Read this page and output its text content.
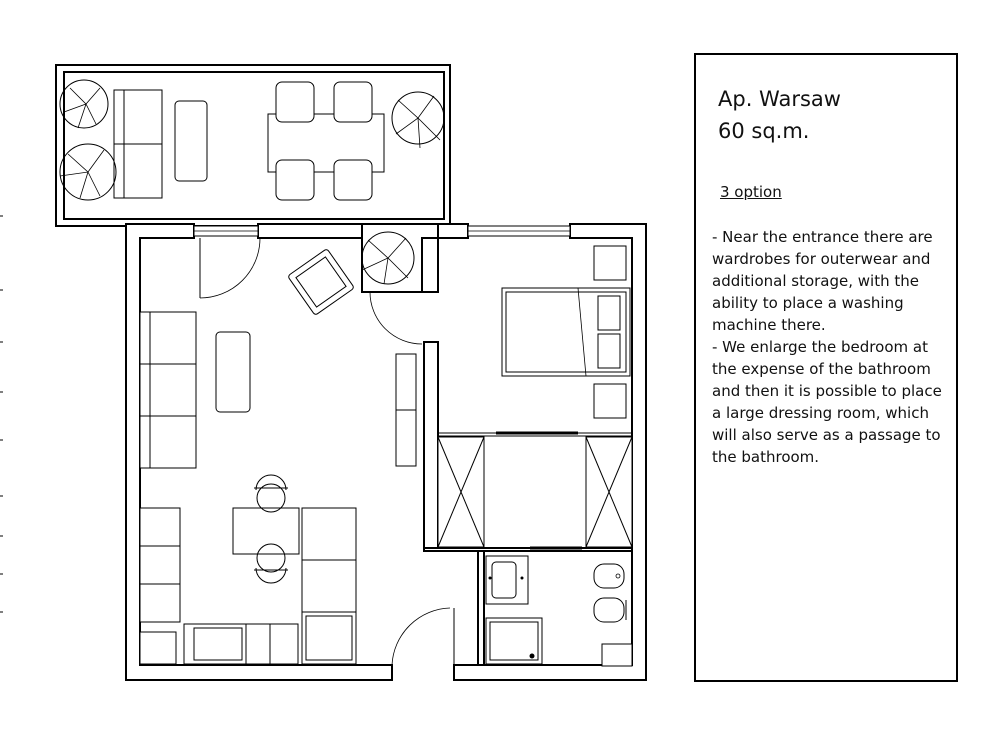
Ap. Warsaw
60 sq.m.
3 option

- Near the entrance there are wardrobes for outerwear and additional storage, with the ability to place a washing machine there.

- We enlarge the bedroom at the expense of the bathroom and then it is possible to place a large dressing room, which will also serve as a passage to the bathroom.
